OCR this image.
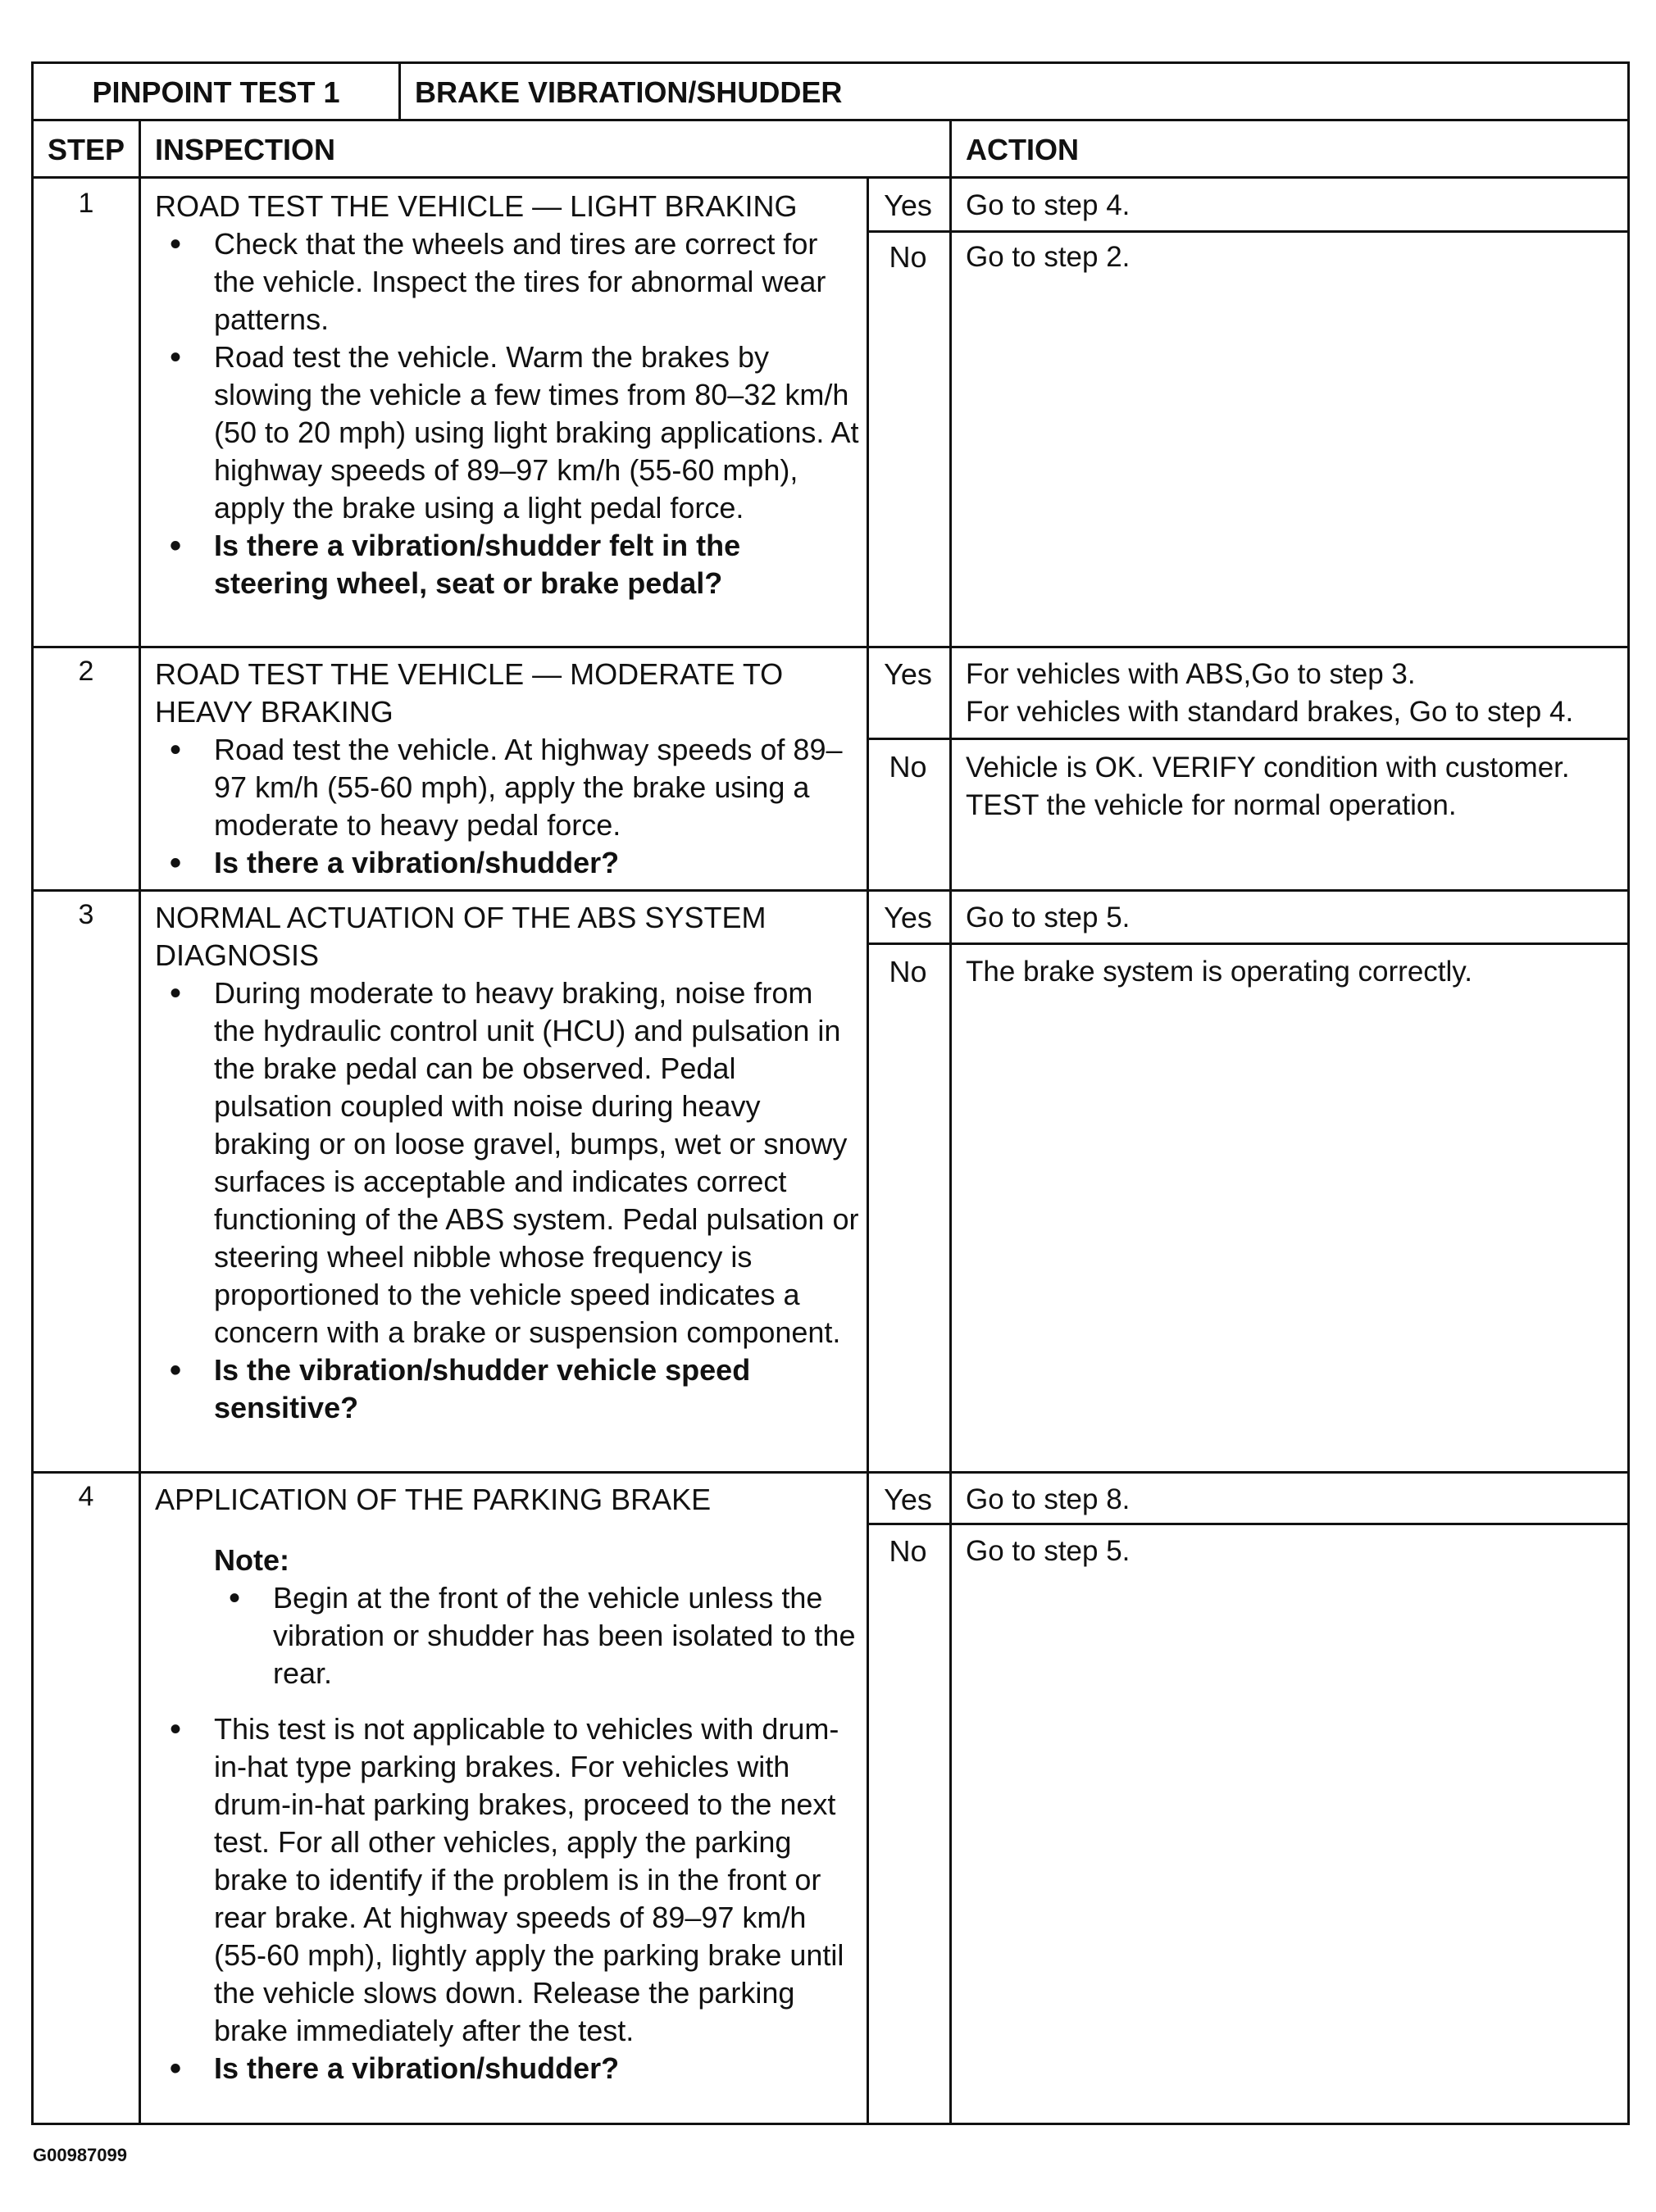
PINPOINT TEST 1	BRAKE VIBRATION/SHUDDER
STEP	INSPECTION	ACTION
1	ROAD TEST THE VEHICLE — LIGHT BRAKING
• Check that the wheels and tires are correct for the vehicle. Inspect the tires for abnormal wear patterns.
• Road test the vehicle. Warm the brakes by slowing the vehicle a few times from 80–32 km/h (50 to 20 mph) using light braking applications. At highway speeds of 89–97 km/h (55-60 mph), apply the brake using a light pedal force.
• Is there a vibration/shudder felt in the steering wheel, seat or brake pedal?
Yes	Go to step 4.
No	Go to step 2.
2	ROAD TEST THE VEHICLE — MODERATE TO HEAVY BRAKING
• Road test the vehicle. At highway speeds of 89–97 km/h (55-60 mph), apply the brake using a moderate to heavy pedal force.
• Is there a vibration/shudder?
Yes	For vehicles with ABS,Go to step 3.
For vehicles with standard brakes, Go to step 4.
No	Vehicle is OK. VERIFY condition with customer.
TEST the vehicle for normal operation.
3	NORMAL ACTUATION OF THE ABS SYSTEM DIAGNOSIS
• During moderate to heavy braking, noise from the hydraulic control unit (HCU) and pulsation in the brake pedal can be observed. Pedal pulsation coupled with noise during heavy braking or on loose gravel, bumps, wet or snowy surfaces is acceptable and indicates correct functioning of the ABS system. Pedal pulsation or steering wheel nibble whose frequency is proportioned to the vehicle speed indicates a concern with a brake or suspension component.
• Is the vibration/shudder vehicle speed sensitive?
Yes	Go to step 5.
No	The brake system is operating correctly.
4	APPLICATION OF THE PARKING BRAKE
Note:
• Begin at the front of the vehicle unless the vibration or shudder has been isolated to the rear.
• This test is not applicable to vehicles with drum-in-hat type parking brakes. For vehicles with drum-in-hat parking brakes, proceed to the next test. For all other vehicles, apply the parking brake to identify if the problem is in the front or rear brake. At highway speeds of 89–97 km/h (55-60 mph), lightly apply the parking brake until the vehicle slows down. Release the parking brake immediately after the test.
• Is there a vibration/shudder?
Yes	Go to step 8.
No	Go to step 5.
G00987099
